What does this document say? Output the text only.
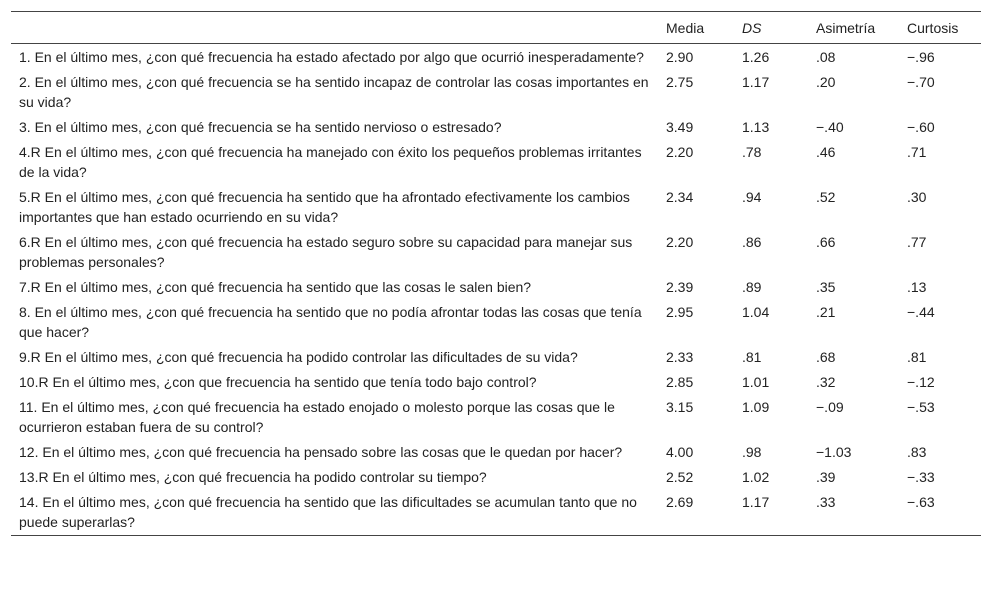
	Media	DS	Asimetría	Curtosis
1. En el último mes, ¿con qué frecuencia ha estado afectado por algo que ocurrió inesperadamente?	2.90	1.26	.08	−.96
2. En el último mes, ¿con qué frecuencia se ha sentido incapaz de controlar las cosas importantes en su vida?	2.75	1.17	.20	−.70
3. En el último mes, ¿con qué frecuencia se ha sentido nervioso o estresado?	3.49	1.13	−.40	−.60
4.R En el último mes, ¿con qué frecuencia ha manejado con éxito los pequeños problemas irritantes de la vida?	2.20	.78	.46	.71
5.R En el último mes, ¿con qué frecuencia ha sentido que ha afrontado efectivamente los cambios importantes que han estado ocurriendo en su vida?	2.34	.94	.52	.30
6.R En el último mes, ¿con qué frecuencia ha estado seguro sobre su capacidad para manejar sus problemas personales?	2.20	.86	.66	.77
7.R En el último mes, ¿con qué frecuencia ha sentido que las cosas le salen bien?	2.39	.89	.35	.13
8. En el último mes, ¿con qué frecuencia ha sentido que no podía afrontar todas las cosas que tenía que hacer?	2.95	1.04	.21	−.44
9.R En el último mes, ¿con qué frecuencia ha podido controlar las dificultades de su vida?	2.33	.81	.68	.81
10.R En el último mes, ¿con que frecuencia ha sentido que tenía todo bajo control?	2.85	1.01	.32	−.12
11. En el último mes, ¿con qué frecuencia ha estado enojado o molesto porque las cosas que le ocurrieron estaban fuera de su control?	3.15	1.09	−.09	−.53
12. En el último mes, ¿con qué frecuencia ha pensado sobre las cosas que le quedan por hacer?	4.00	.98	−1.03	.83
13.R En el último mes, ¿con qué frecuencia ha podido controlar su tiempo?	2.52	1.02	.39	−.33
14. En el último mes, ¿con qué frecuencia ha sentido que las dificultades se acumulan tanto que no puede superarlas?	2.69	1.17	.33	−.63
